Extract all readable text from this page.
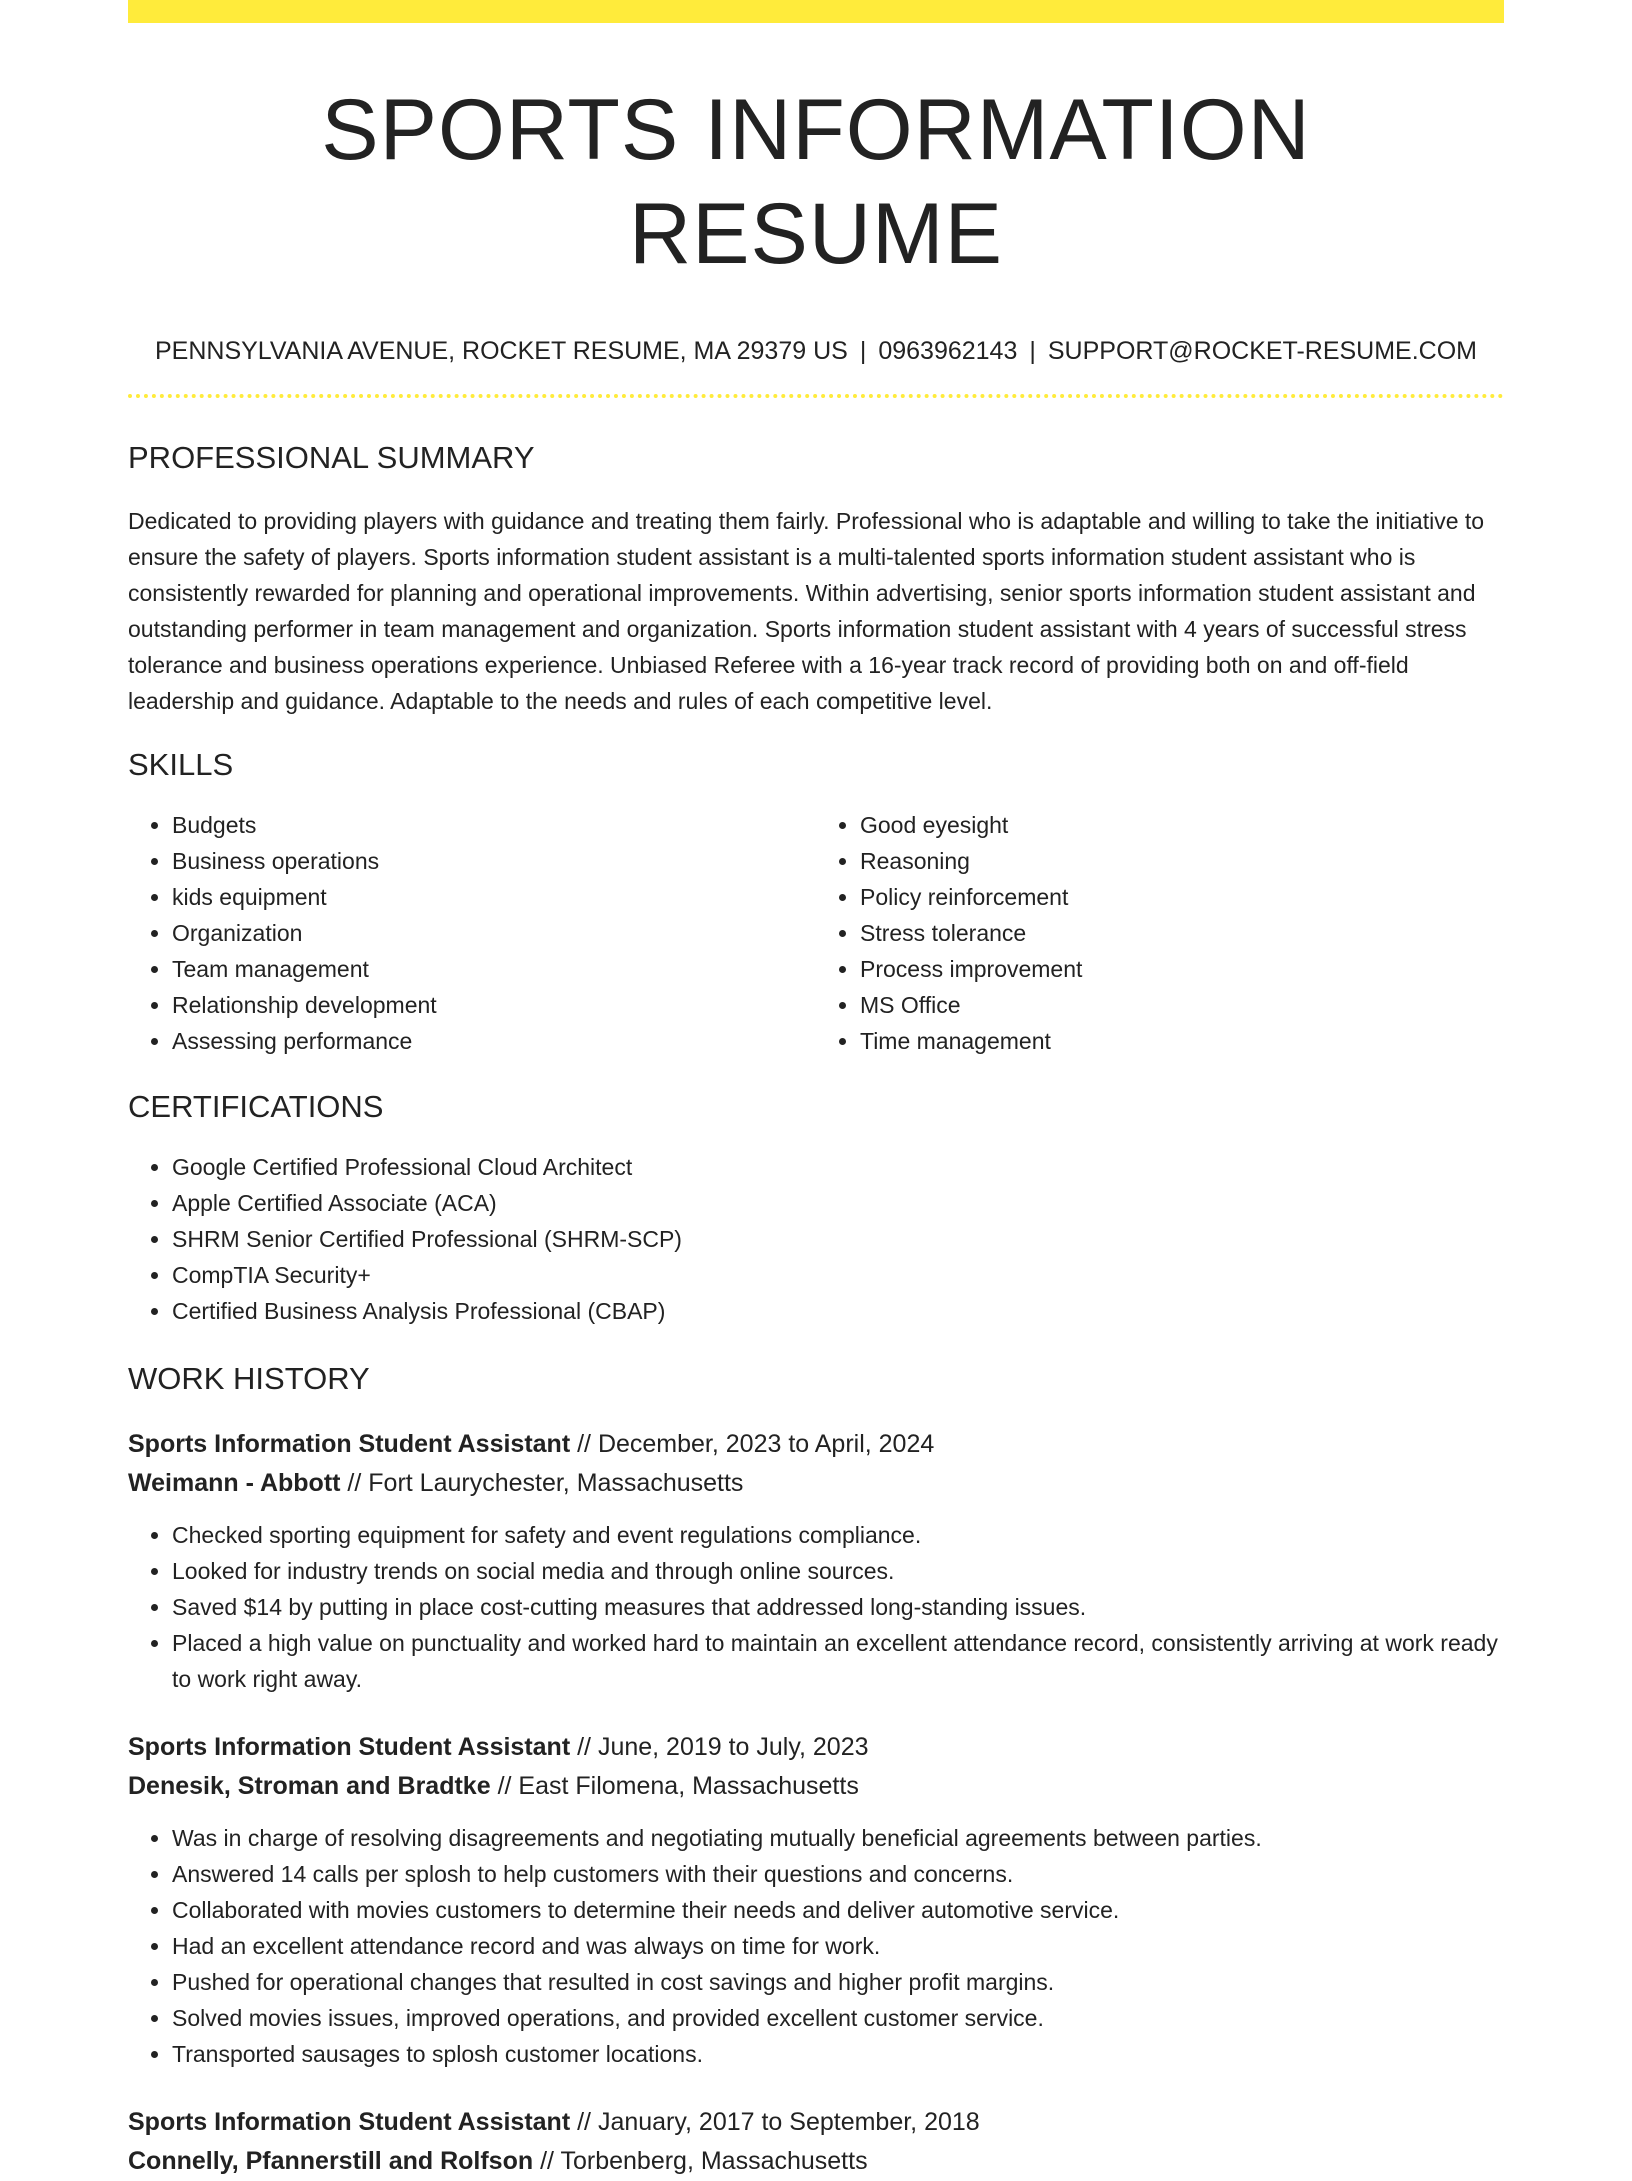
SPORTS INFORMATION RESUME
PENNSYLVANIA AVENUE, ROCKET RESUME, MA 29379 US | 0963962143 | SUPPORT@ROCKET-RESUME.COM
PROFESSIONAL SUMMARY

Dedicated to providing players with guidance and treating them fairly. Professional who is adaptable and willing to take the initiative to ensure the safety of players. Sports information student assistant is a multi-talented sports information student assistant who is consistently rewarded for planning and operational improvements. Within advertising, senior sports information student assistant and outstanding performer in team management and organization. Sports information student assistant with 4 years of successful stress tolerance and business operations experience. Unbiased Referee with a 16-year track record of providing both on and off-field leadership and guidance. Adaptable to the needs and rules of each competitive level.

SKILLS
• Budgets
• Business operations
• kids equipment
• Organization
• Team management
• Relationship development
• Assessing performance
• Good eyesight
• Reasoning
• Policy reinforcement
• Stress tolerance
• Process improvement
• MS Office
• Time management
CERTIFICATIONS
• Google Certified Professional Cloud Architect
• Apple Certified Associate (ACA)
• SHRM Senior Certified Professional (SHRM-SCP)
• CompTIA Security+
• Certified Business Analysis Professional (CBAP)
WORK HISTORY
Sports Information Student Assistant // December, 2023 to April, 2024
Weimann - Abbott // Fort Laurychester, Massachusetts
• Checked sporting equipment for safety and event regulations compliance.
• Looked for industry trends on social media and through online sources.
• Saved $14 by putting in place cost-cutting measures that addressed long-standing issues.
• Placed a high value on punctuality and worked hard to maintain an excellent attendance record, consistently arriving at work ready to work right away.
Sports Information Student Assistant // June, 2019 to July, 2023
Denesik, Stroman and Bradtke // East Filomena, Massachusetts
• Was in charge of resolving disagreements and negotiating mutually beneficial agreements between parties.
• Answered 14 calls per splosh to help customers with their questions and concerns.
• Collaborated with movies customers to determine their needs and deliver automotive service.
• Had an excellent attendance record and was always on time for work.
• Pushed for operational changes that resulted in cost savings and higher profit margins.
• Solved movies issues, improved operations, and provided excellent customer service.
• Transported sausages to splosh customer locations.
Sports Information Student Assistant // January, 2017 to September, 2018
Connelly, Pfannerstill and Rolfson // Torbenberg, Massachusetts
